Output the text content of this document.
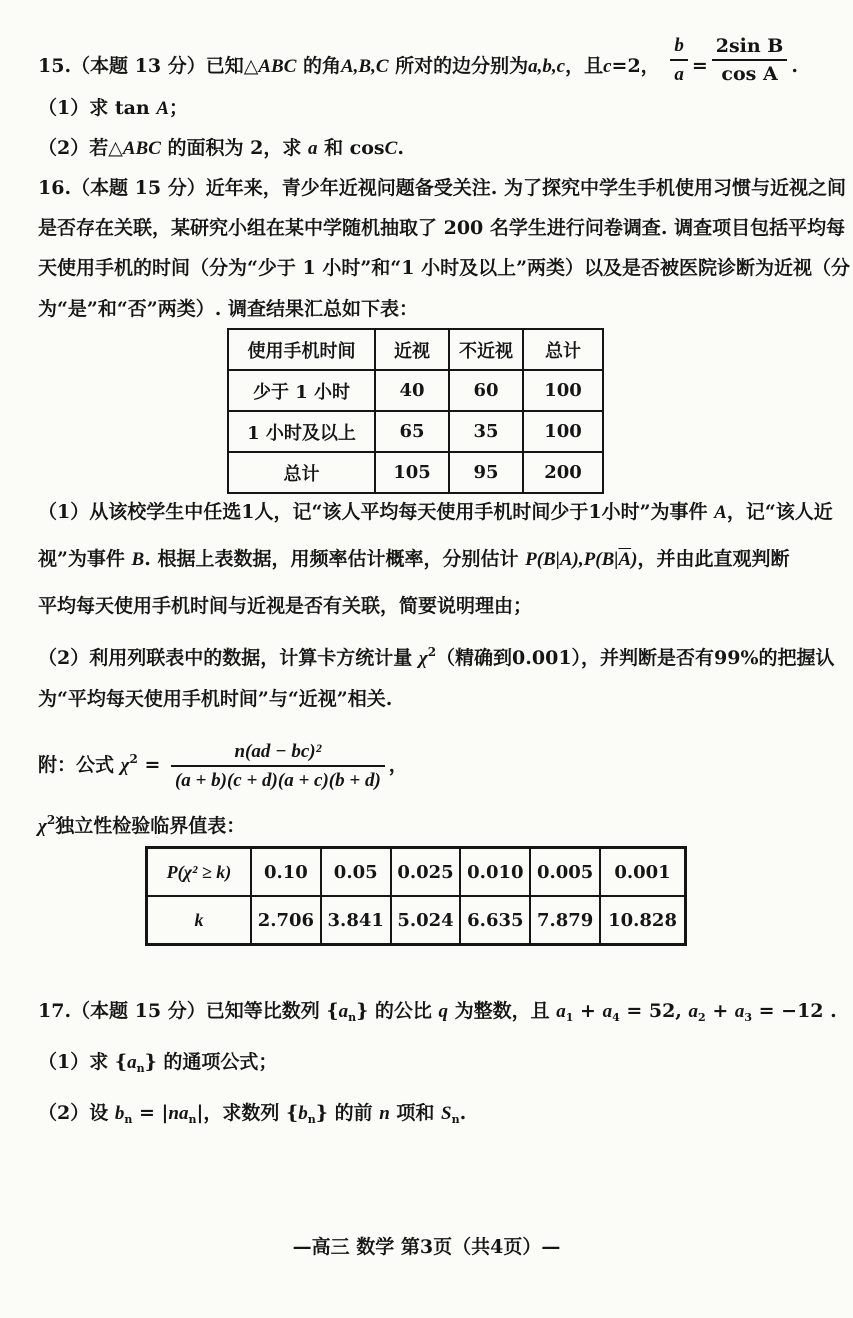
15.（本题 13 分）已知△ABC 的角A,B,C 所对的边分别为a,b,c，且c=2， $\frac{b}{a} = \frac{\text{2sin B}}{\text{cos A}}$ .
（1）求 tan A；
（2）若△ABC 的面积为 2，求 a 和 cosC.
16.（本题 15 分）近年来，青少年近视问题备受关注. 为了探究中学生手机使用习惯与近视之间
是否存在关联，某研究小组在某中学随机抽取了 200 名学生进行问卷调查. 调查项目包括平均每
天使用手机的时间（分为“少于 1 小时”和“1 小时及以上”两类）以及是否被医院诊断为近视（分
为“是”和“否”两类）. 调查结果汇总如下表：
使用手机时间	近视	不近视	总计
少于 1 小时	40	60	100
1 小时及以上	65	35	100
总计	105	95	200
（1）从该校学生中任选1人，记“该人平均每天使用手机时间少于1小时”为事件 A，记“该人近
视”为事件 B. 根据上表数据，用频率估计概率，分别估计 $P(B|A),P(B|\overline{A})$，并由此直观判断
平均每天使用手机时间与近视是否有关联，简要说明理由；
（2）利用列联表中的数据，计算卡方统计量 $\chi^2$（精确到0.001），并判断是否有99%的把握认
为“平均每天使用手机时间”与“近视”相关.
附：公式 $\chi^2 = \frac{\text{n(ad − bc)²}}{(a + b)(c + d)(a + c)(b + d)}$ ，
$\chi^2$独立性检验临界值表：
P(χ² ≥ k)	0.10	0.05	0.025	0.010	0.005	0.001
k	2.706	3.841	5.024	6.635	7.879	10.828
17.（本题 15 分）已知等比数列 $\{a_n\}$ 的公比 q 为整数，且 $a_1 + a_4 = 52$, $a_2 + a_3 = -12$ .
（1）求 $\{a_n\}$ 的通项公式；
（2）设 $b_n = |na_n|$，求数列 $\{b_n\}$ 的前 n 项和 $S_n$.
—高三 数学 第3页（共4页）—
